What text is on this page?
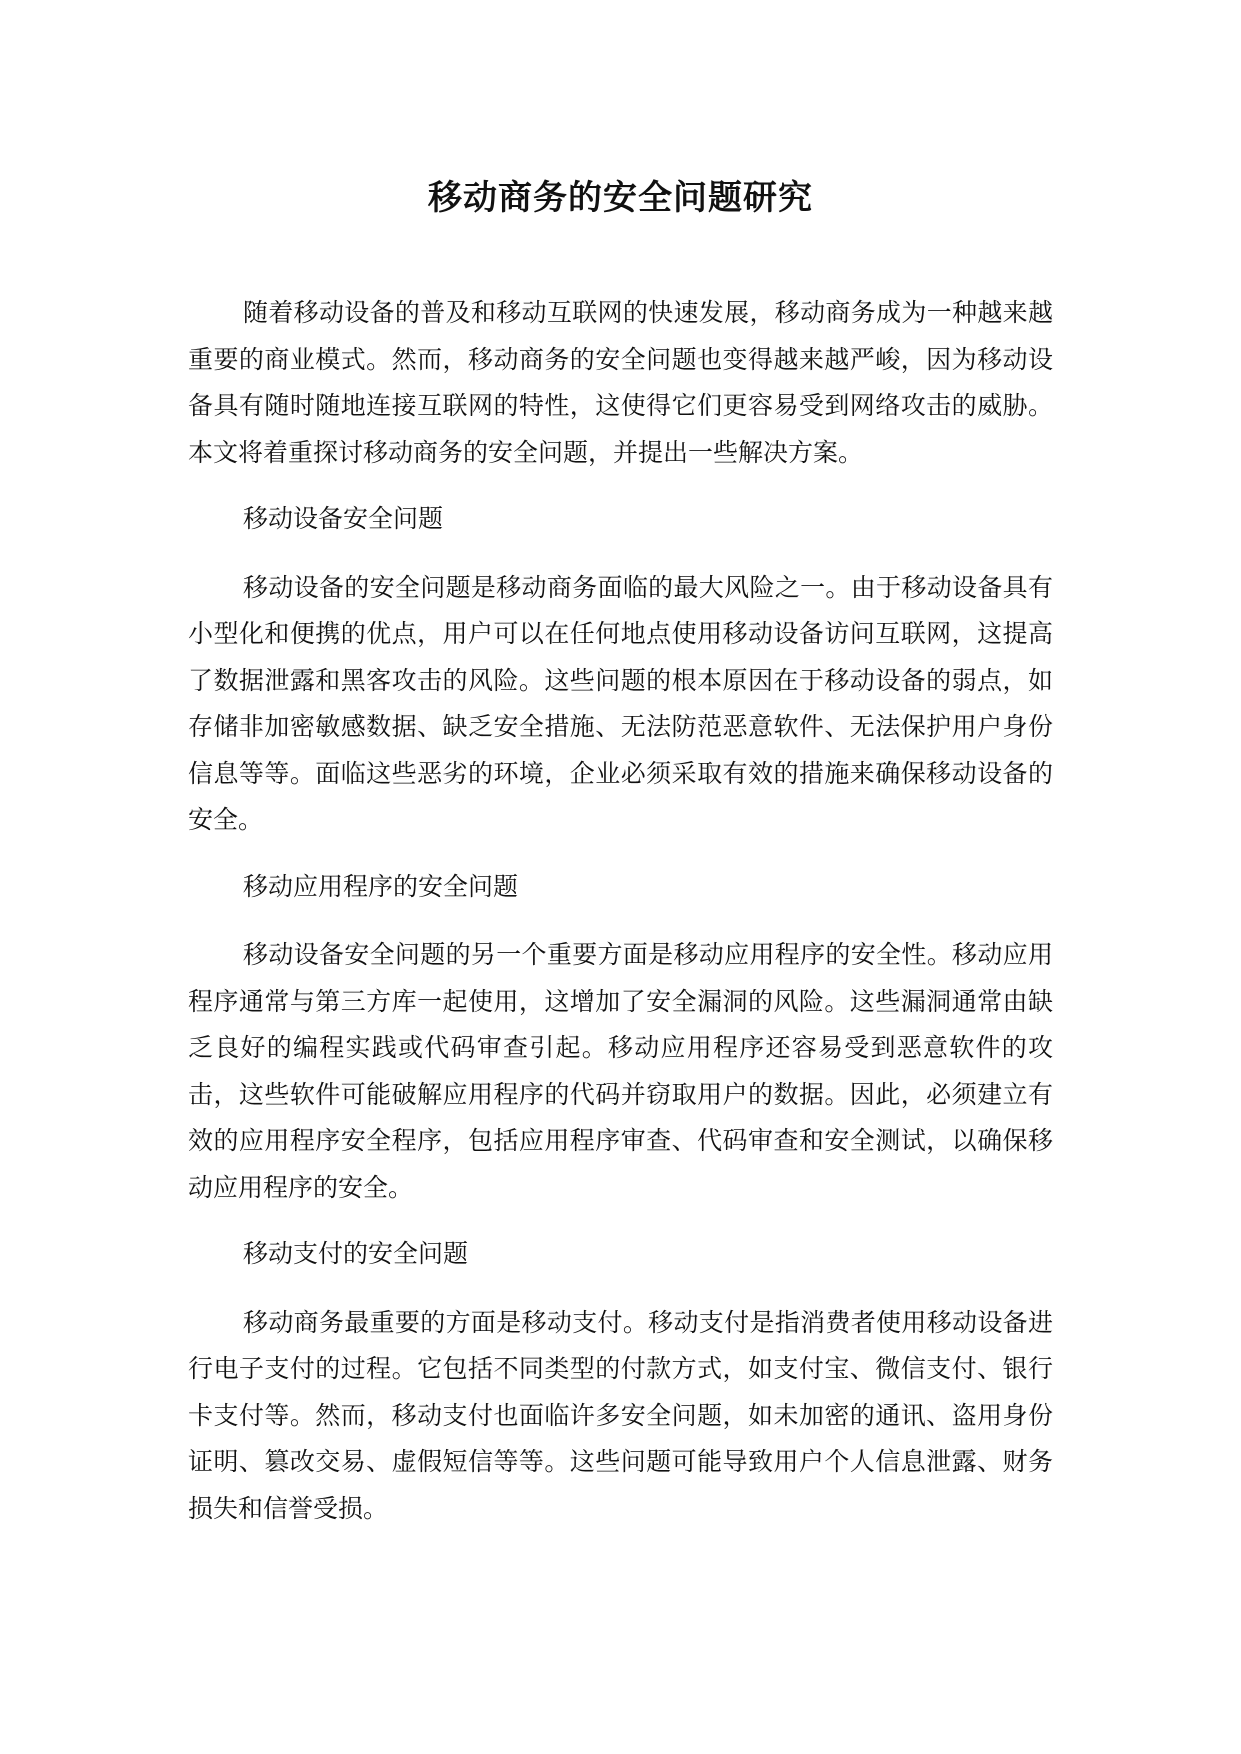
移动商务的安全问题研究

随着移动设备的普及和移动互联网的快速发展，移动商务成为一种越来越重要的商业模式。然而，移动商务的安全问题也变得越来越严峻，因为移动设备具有随时随地连接互联网的特性，这使得它们更容易受到网络攻击的威胁。本文将着重探讨移动商务的安全问题，并提出一些解决方案。

移动设备安全问题

移动设备的安全问题是移动商务面临的最大风险之一。由于移动设备具有小型化和便携的优点，用户可以在任何地点使用移动设备访问互联网，这提高了数据泄露和黑客攻击的风险。这些问题的根本原因在于移动设备的弱点，如存储非加密敏感数据、缺乏安全措施、无法防范恶意软件、无法保护用户身份信息等等。面临这些恶劣的环境，企业必须采取有效的措施来确保移动设备的安全。

移动应用程序的安全问题

移动设备安全问题的另一个重要方面是移动应用程序的安全性。移动应用程序通常与第三方库一起使用，这增加了安全漏洞的风险。这些漏洞通常由缺乏良好的编程实践或代码审查引起。移动应用程序还容易受到恶意软件的攻击，这些软件可能破解应用程序的代码并窃取用户的数据。因此，必须建立有效的应用程序安全程序，包括应用程序审查、代码审查和安全测试，以确保移动应用程序的安全。

移动支付的安全问题

移动商务最重要的方面是移动支付。移动支付是指消费者使用移动设备进行电子支付的过程。它包括不同类型的付款方式，如支付宝、微信支付、银行卡支付等。然而，移动支付也面临许多安全问题，如未加密的通讯、盗用身份证明、篡改交易、虚假短信等等。这些问题可能导致用户个人信息泄露、财务损失和信誉受损。
